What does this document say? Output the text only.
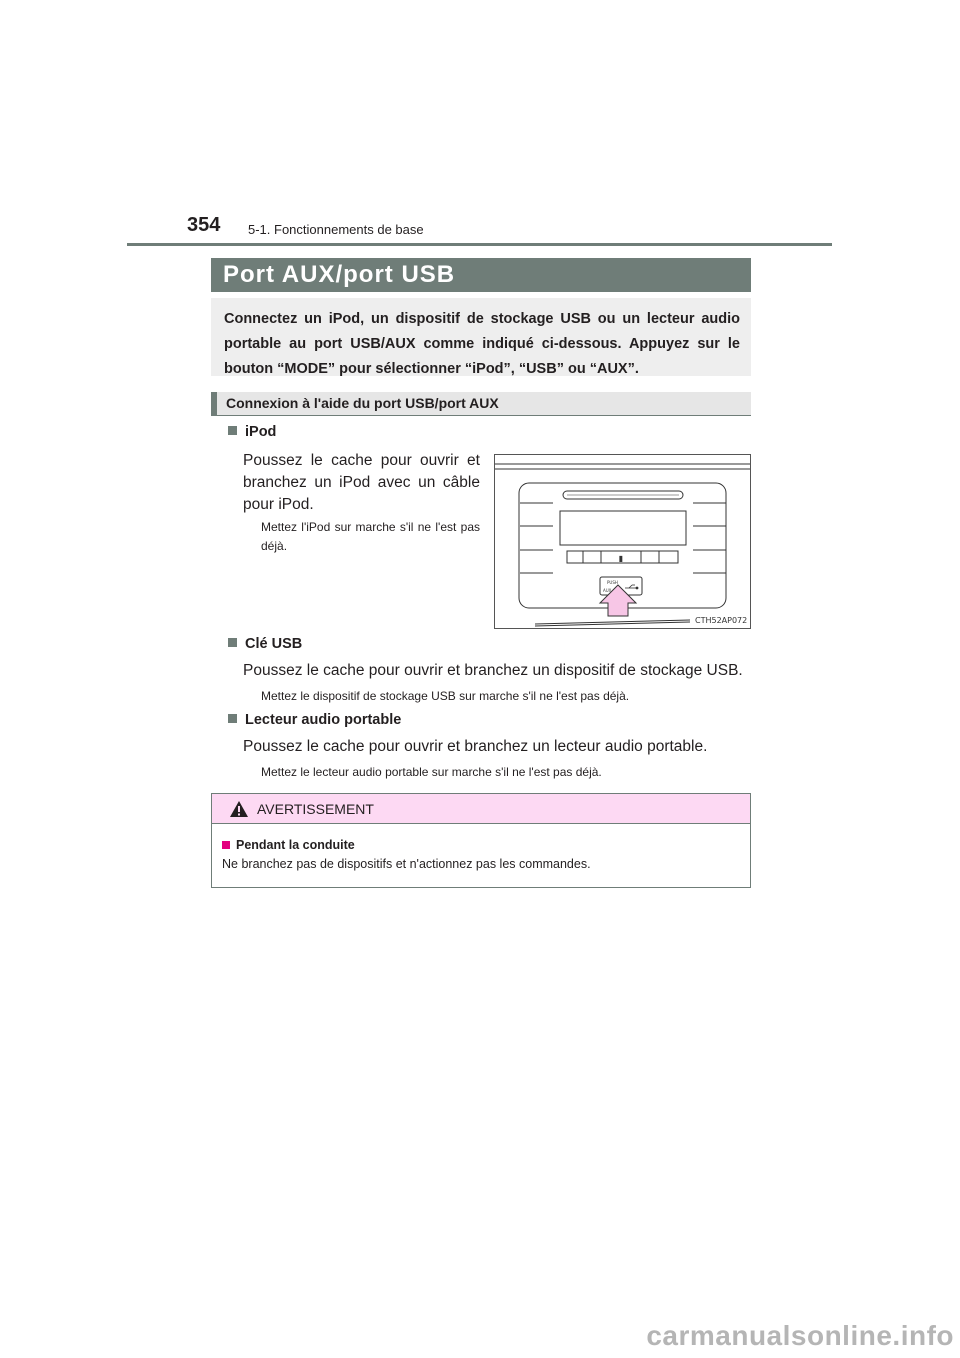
354 5-1. Fonctionnements de base
Port AUX/port USB
Connectez un iPod, un dispositif de stockage USB ou un lecteur audio portable au port USB/AUX comme indiqué ci-dessous. Appuyez sur le bouton “MODE” pour sélectionner “iPod”, “USB” ou “AUX”.
Connexion à l'aide du port USB/port AUX
iPod
Poussez le cache pour ouvrir et branchez un iPod avec un câble pour iPod.
Mettez l'iPod sur marche s'il ne l'est pas déjà.
▮
PUSH
AUX
CTH52AP072
Clé USB
Poussez le cache pour ouvrir et branchez un dispositif de stockage USB.
Mettez le dispositif de stockage USB sur marche s'il ne l'est pas déjà.
Lecteur audio portable
Poussez le cache pour ouvrir et branchez un lecteur audio portable.
Mettez le lecteur audio portable sur marche s'il ne l'est pas déjà.
AVERTISSEMENT
Pendant la conduite
Ne branchez pas de dispositifs et n'actionnez pas les commandes.
carmanualsonline.info
